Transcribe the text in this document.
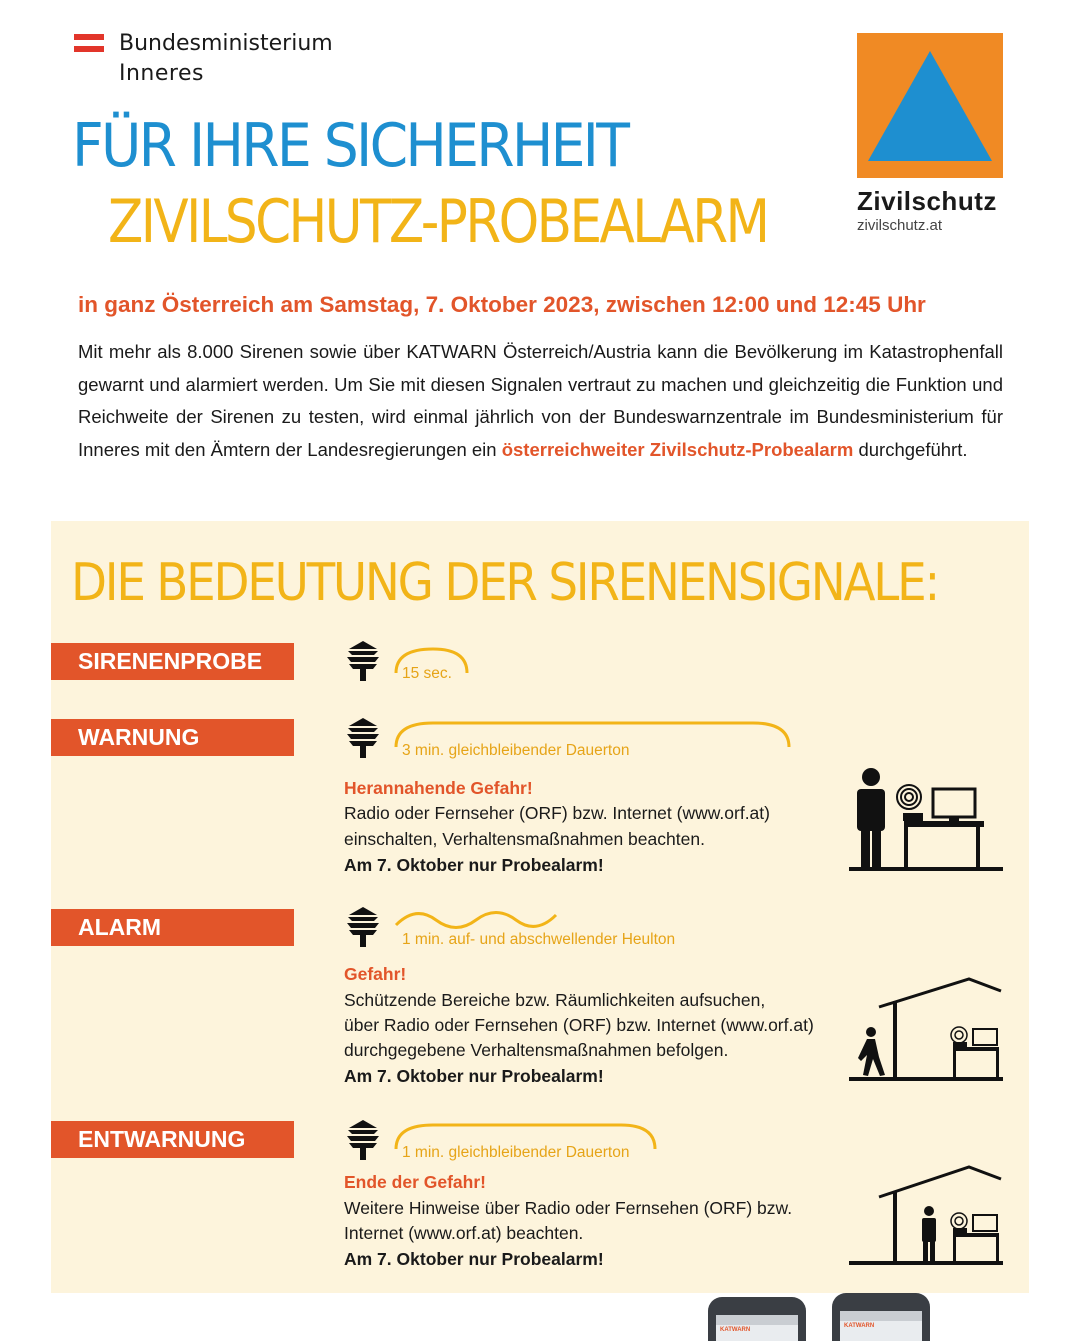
Bundesministerium
Inneres
FÜR IHRE SICHERHEIT
ZIVILSCHUTZ-PROBEALARM	Zivilschutz
zivilschutz.at
in ganz Österreich am Samstag, 7. Oktober 2023, zwischen 12:00 und 12:45 Uhr
Mit mehr als 8.000 Sirenen sowie über KATWARN Österreich/Austria kann die Bevölkerung im Katastrophenfall gewarnt und alarmiert werden. Um Sie mit diesen Signalen vertraut zu machen und gleichzeitig die Funktion und Reichweite der Sirenen zu testen, wird einmal jährlich von der Bundeswarnzentrale im Bundesministerium für Inneres mit den Ämtern der Landesregierungen ein österreichweiter Zivilschutz-Probealarm durchgeführt.
DIE BEDEUTUNG DER SIRENENSIGNALE:
SIRENENPROBE	15 sec.
WARNUNG
3 min. gleichbleibender Dauerton
Herannahende Gefahr!
Radio oder Fernseher (ORF) bzw. Internet (www.orf.at)
einschalten, Verhaltensmaßnahmen beachten.
Am 7. Oktober nur Probealarm!
ALARM	1 min. auf- und abschwellender Heulton
Gefahr!
Schützende Bereiche bzw. Räumlichkeiten aufsuchen,
über Radio oder Fernsehen (ORF) bzw. Internet (www.orf.at)
durchgegebene Verhaltensmaßnahmen befolgen.
Am 7. Oktober nur Probealarm!
ENTWARNUNG
1 min. gleichbleibender Dauerton
Ende der Gefahr!
Weitere Hinweise über Radio oder Fernsehen (ORF) bzw.
Internet (www.orf.at) beachten.
Am 7. Oktober nur Probealarm!
KATWARN
KATWARN
